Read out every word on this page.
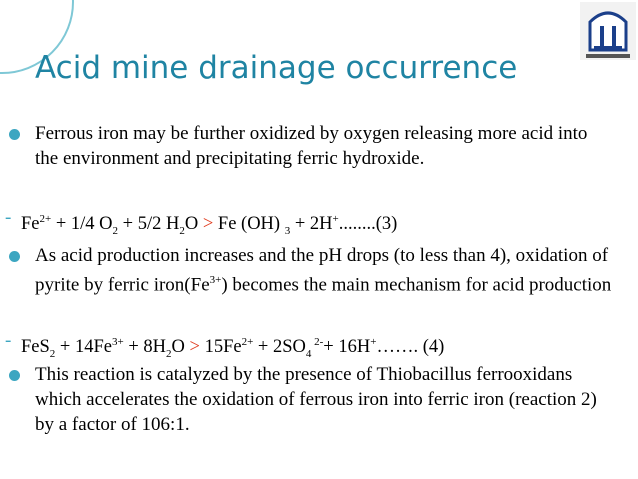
Acid mine drainage occurrence
Ferrous iron may be further oxidized by oxygen releasing more acid into the environment and precipitating ferric hydroxide.
- $Fe^{2+} + 1/4$ $O_2 + 5/2$ $H_2O > Fe$ (OH) $_3$ + 2H+........(3)
As acid production increases and the pH drops (to less than 4), oxidation of pyrite by ferric $iron(Fe^{3+})$ becomes the main mechanism for acid production
- $FeS_2 + 14Fe^{3+} + 8H_2O > 15Fe^{2+} + 2SO_4$ $^{2-}$+ 16H+……. (4)
This reaction is catalyzed by the presence of Thiobacillus ferrooxidans which accelerates the oxidation of ferrous iron into ferric iron (reaction 2) by a factor of 106:1.
